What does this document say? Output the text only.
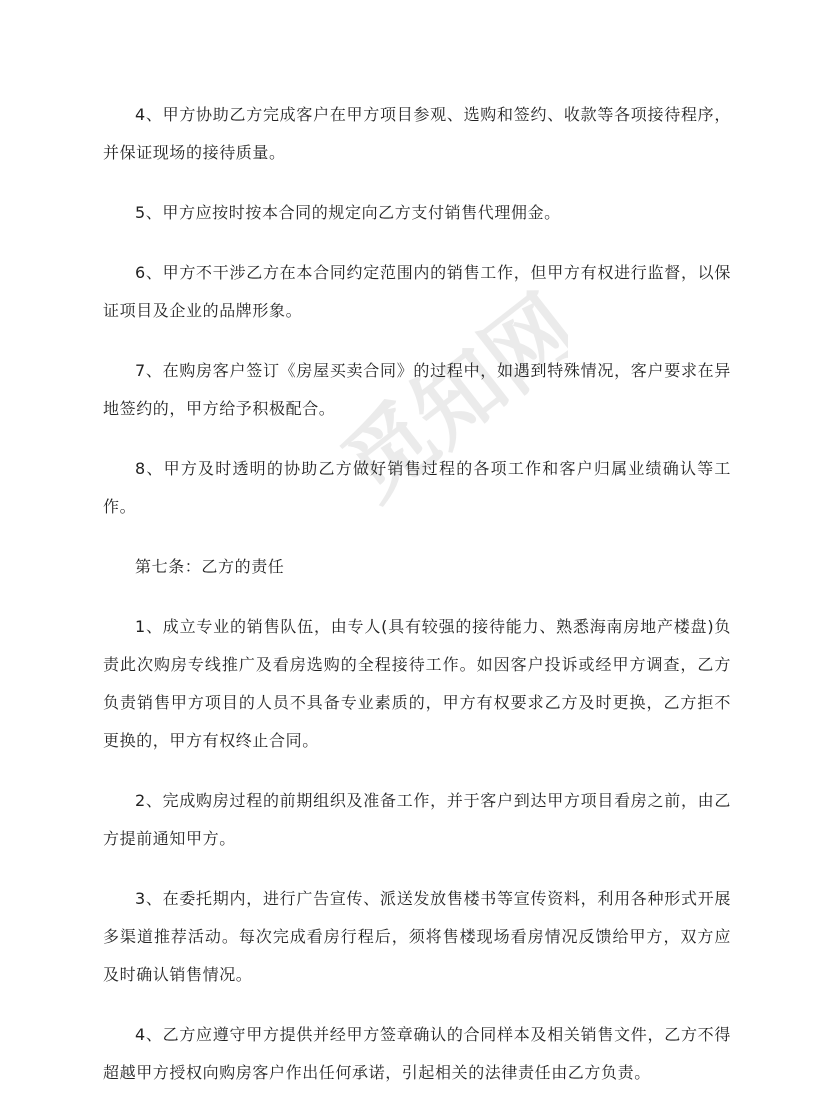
觅知网

4、甲方协助乙方完成客户在甲方项目参观、选购和签约、收款等各项接待程序，并保证现场的接待质量。

5、甲方应按时按本合同的规定向乙方支付销售代理佣金。

6、甲方不干涉乙方在本合同约定范围内的销售工作，但甲方有权进行监督，以保证项目及企业的品牌形象。

7、在购房客户签订《房屋买卖合同》的过程中，如遇到特殊情况，客户要求在异地签约的，甲方给予积极配合。

8、甲方及时透明的协助乙方做好销售过程的各项工作和客户归属业绩确认等工作。

第七条：乙方的责任

1、成立专业的销售队伍，由专人(具有较强的接待能力、熟悉海南房地产楼盘)负责此次购房专线推广及看房选购的全程接待工作。如因客户投诉或经甲方调查，乙方负责销售甲方项目的人员不具备专业素质的，甲方有权要求乙方及时更换，乙方拒不更换的，甲方有权终止合同。

2、完成购房过程的前期组织及准备工作，并于客户到达甲方项目看房之前，由乙方提前通知甲方。

3、在委托期内，进行广告宣传、派送发放售楼书等宣传资料，利用各种形式开展多渠道推荐活动。每次完成看房行程后，须将售楼现场看房情况反馈给甲方，双方应及时确认销售情况。

4、乙方应遵守甲方提供并经甲方签章确认的合同样本及相关销售文件，乙方不得超越甲方授权向购房客户作出任何承诺，引起相关的法律责任由乙方负责。
